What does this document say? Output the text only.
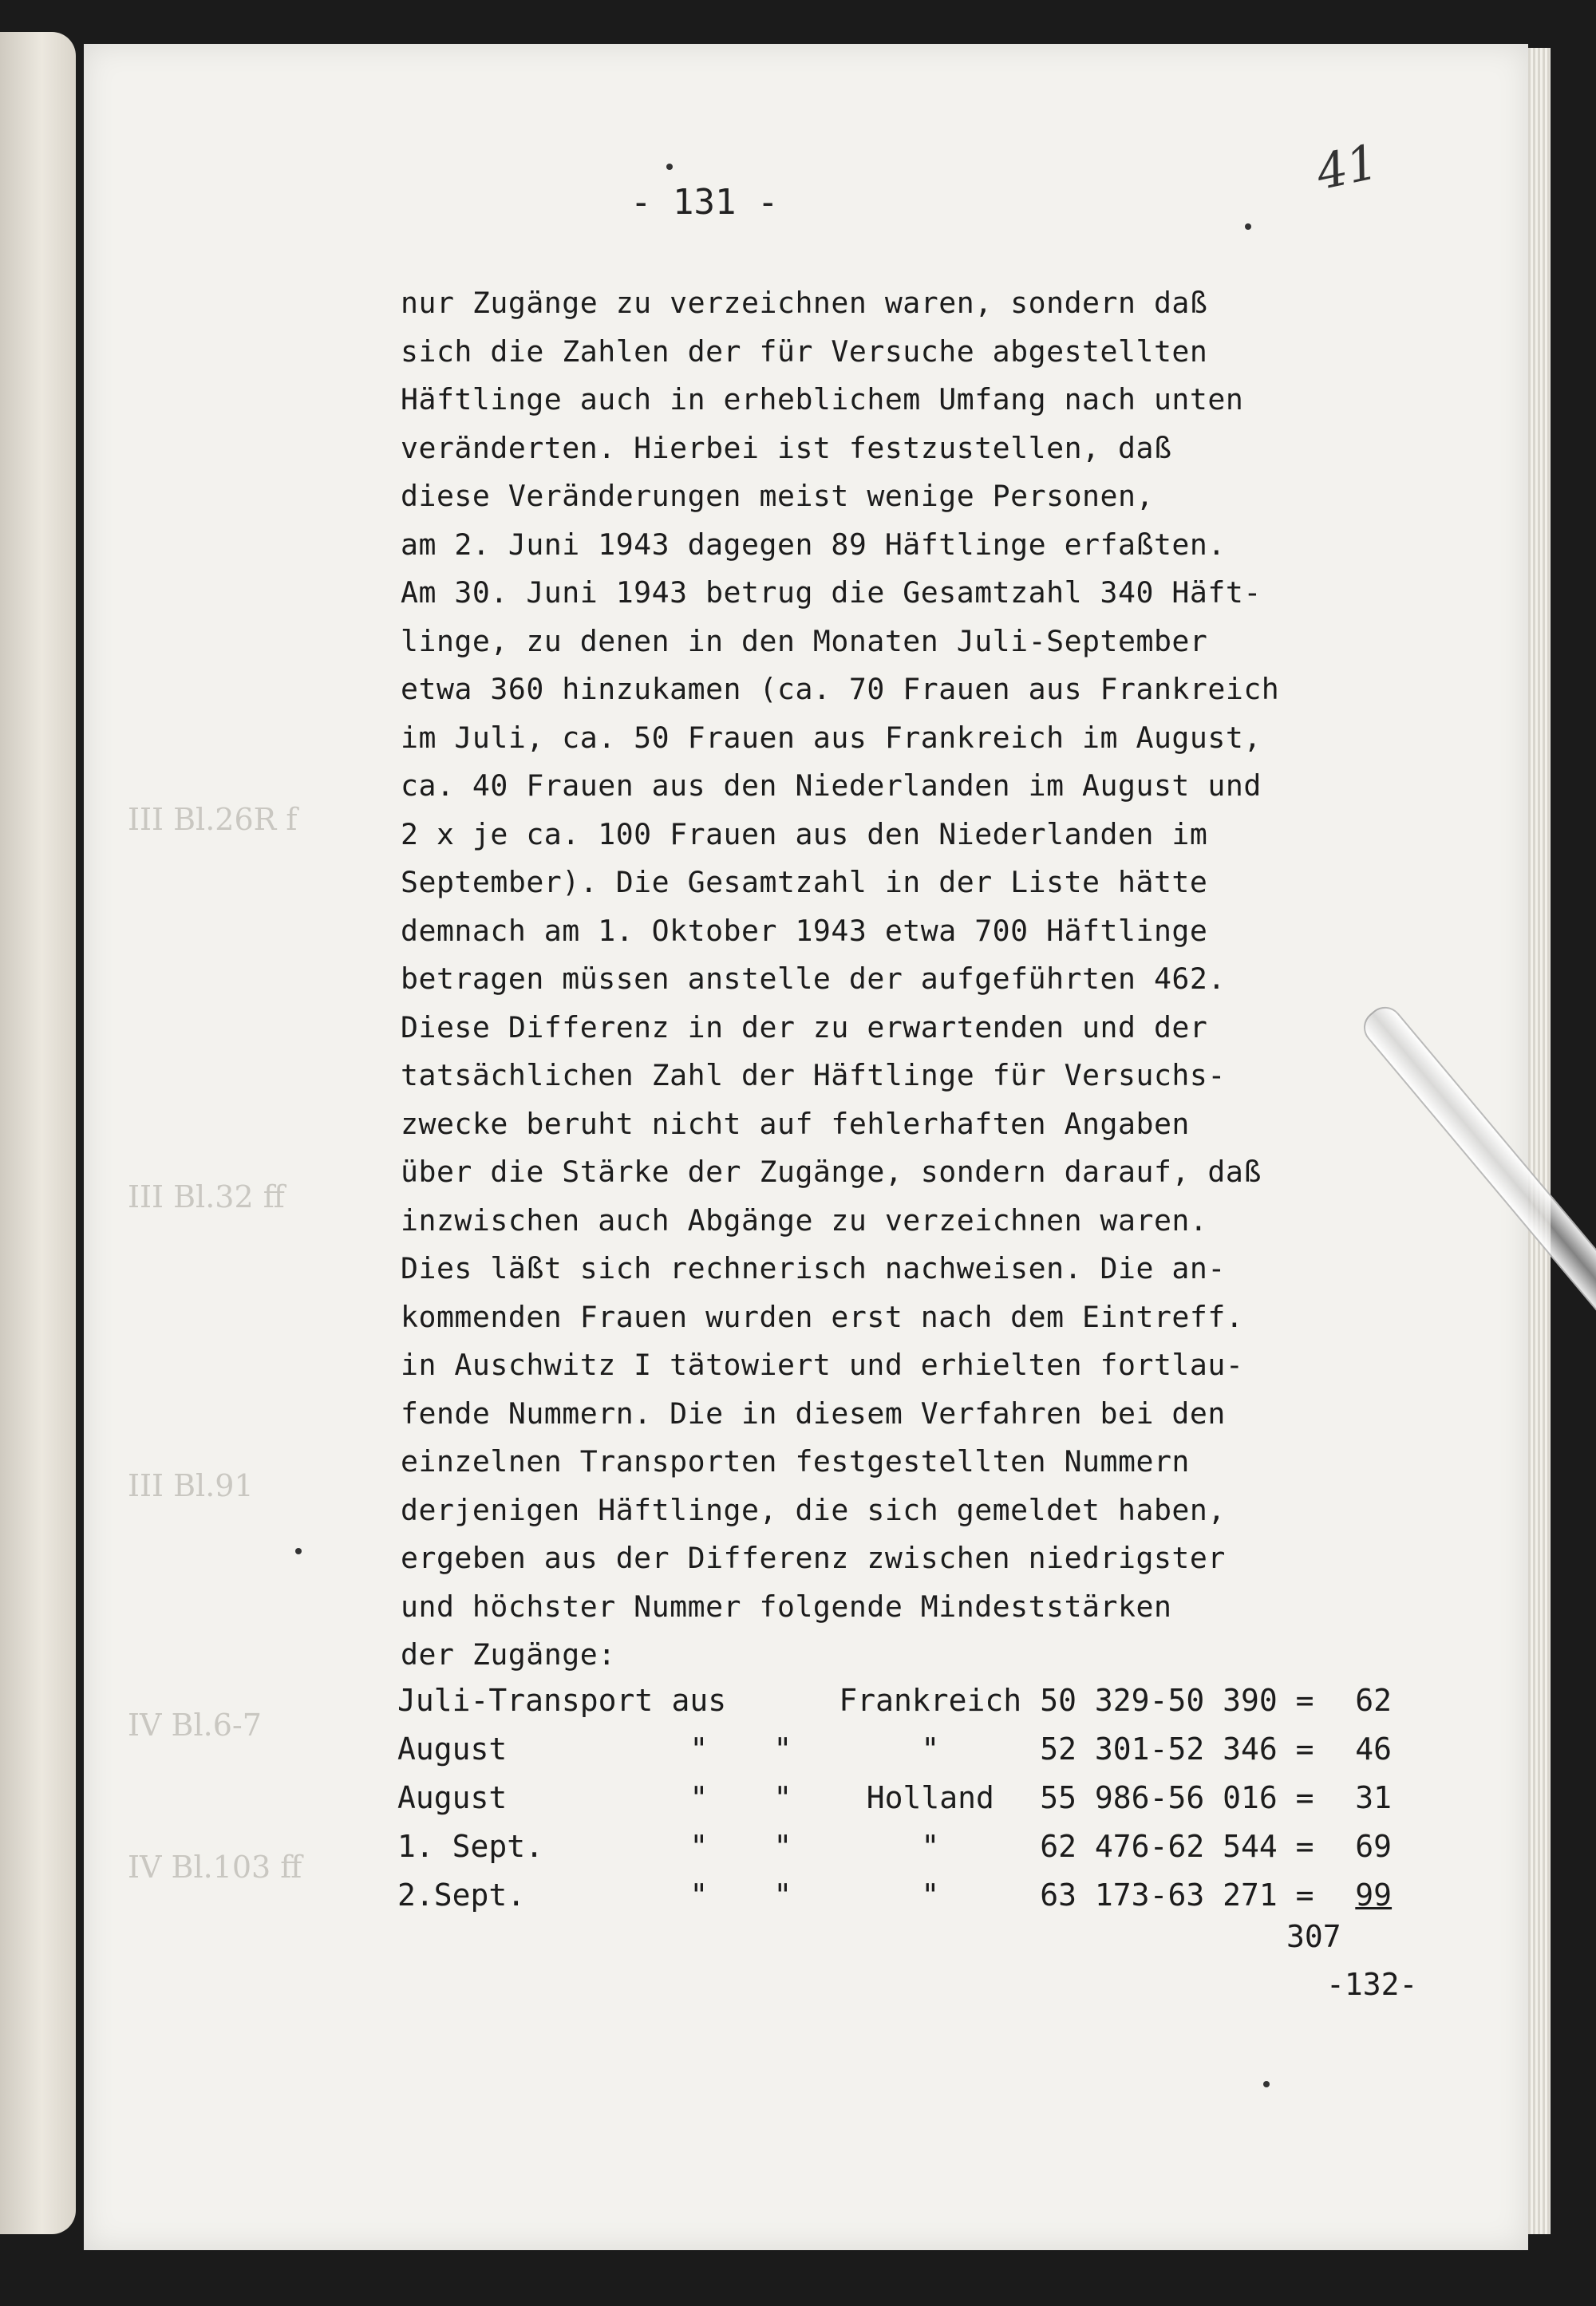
III Bl.26R f
III Bl.32 ff
III Bl.91
IV Bl.6-7
IV Bl.103 ff
- 131 -
41
nur Zugänge zu verzeichnen waren, sondern daß
sich die Zahlen der für Versuche abgestellten
Häftlinge auch in erheblichem Umfang nach unten
veränderten. Hierbei ist festzustellen, daß
diese Veränderungen meist wenige Personen,
am 2. Juni 1943 dagegen 89 Häftlinge erfaßten.
Am 30. Juni 1943 betrug die Gesamtzahl 340 Häft-
linge, zu denen in den Monaten Juli-September
etwa 360 hinzukamen (ca. 70 Frauen aus Frankreich
im Juli, ca. 50 Frauen aus Frankreich im August,
ca. 40 Frauen aus den Niederlanden im August und
2 x je ca. 100 Frauen aus den Niederlanden im
September). Die Gesamtzahl in der Liste hätte
demnach am 1. Oktober 1943 etwa 700 Häftlinge
betragen müssen anstelle der aufgeführten 462.
Diese Differenz in der zu erwartenden und der
tatsächlichen Zahl der Häftlinge für Versuchs-
zwecke beruht nicht auf fehlerhaften Angaben
über die Stärke der Zugänge, sondern darauf, daß
inzwischen auch Abgänge zu verzeichnen waren.
Dies läßt sich rechnerisch nachweisen. Die an-
kommenden Frauen wurden erst nach dem Eintreff.
in Auschwitz I tätowiert und erhielten fortlau-
fende Nummern. Die in diesem Verfahren bei den
einzelnen Transporten festgestellten Nummern
derjenigen Häftlinge, die sich gemeldet haben,
ergeben aus der Differenz zwischen niedrigster
und höchster Nummer folgende Mindeststärken
der Zugänge:
Juli-Transport	aus		Frankreich	50 329-50 390 =	62
August	"	"	"	52 301-52 346 =	46
August	"	"	Holland	55 986-56 016 =	31
1. Sept.	"	"	"	62 476-62 544 =	69
2.Sept.	"	"	"	63 173-63 271 =	99
307
-132-
